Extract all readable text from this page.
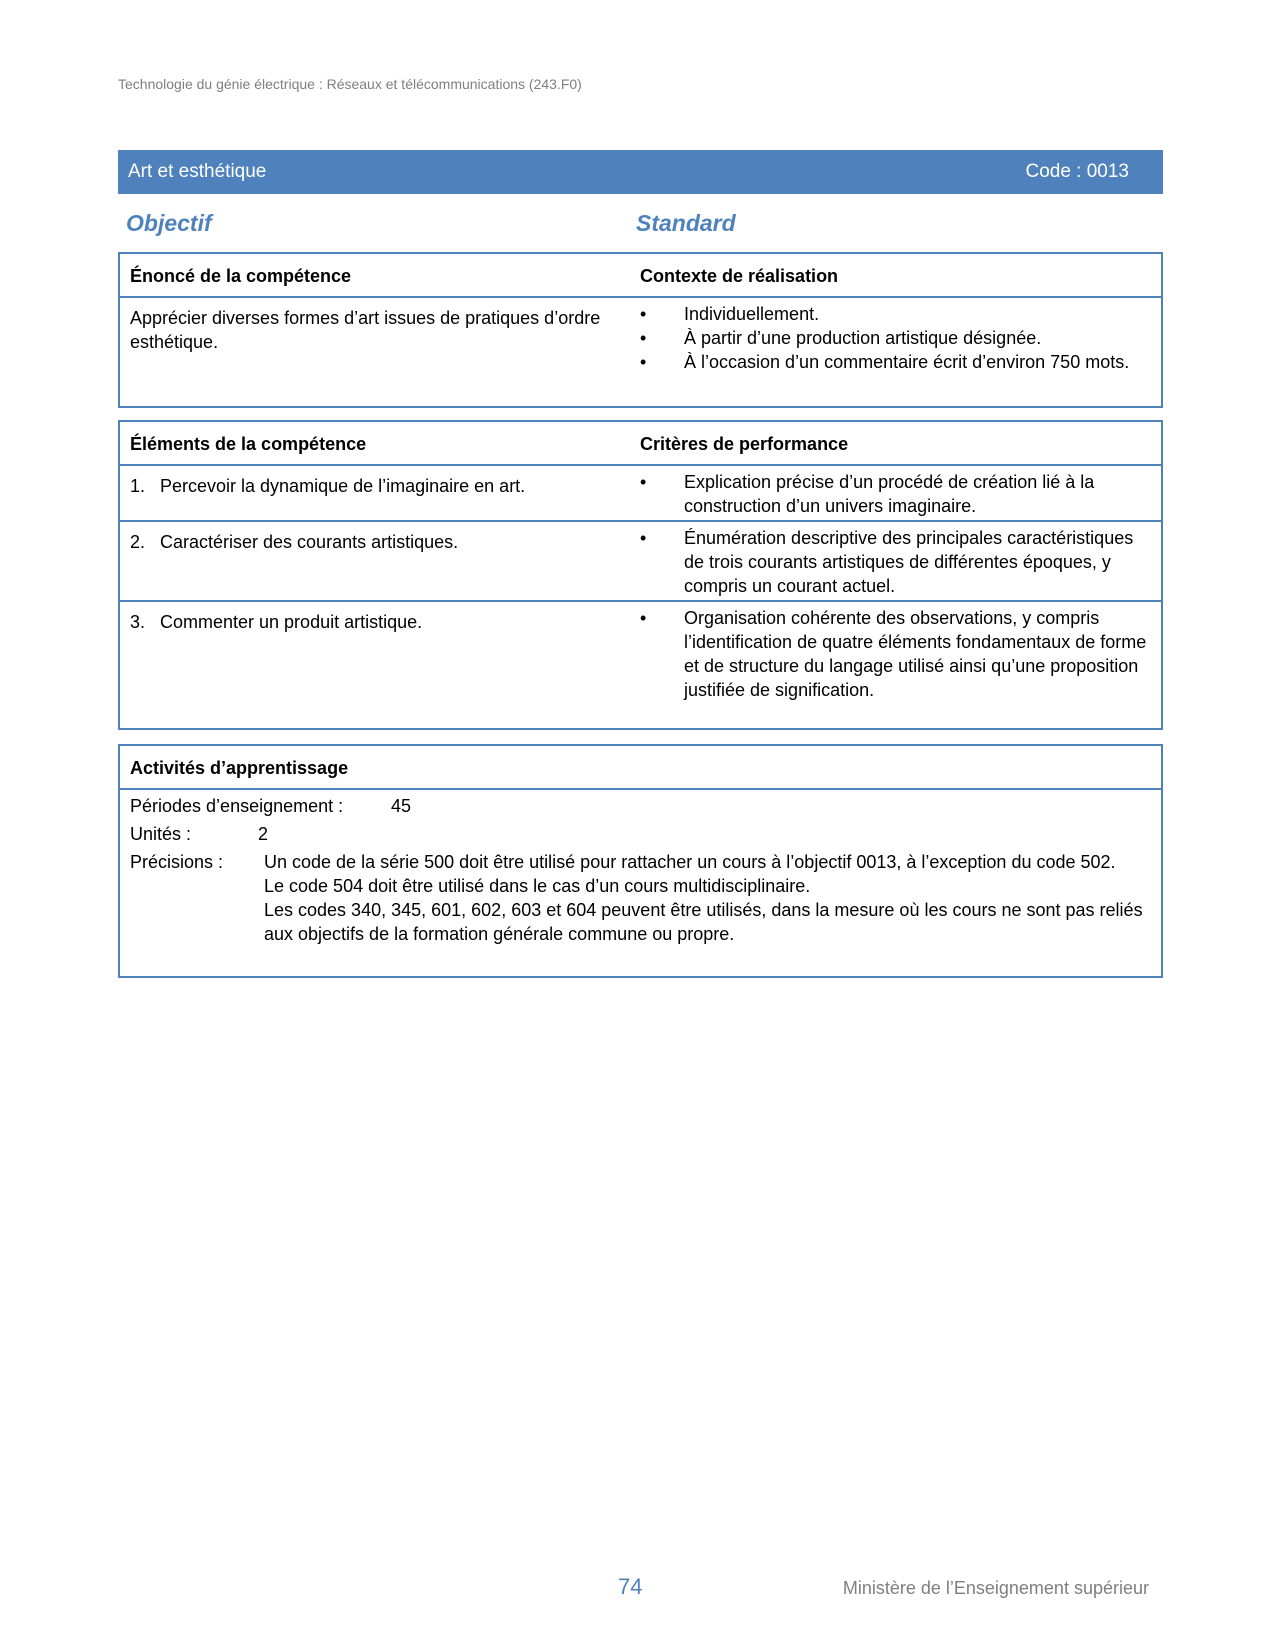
Technologie du génie électrique : Réseaux et télécommunications (243.F0)
Art et esthétique	Code : 0013
Objectif	Standard
Énoncé de la compétence	Contexte de réalisation
Apprécier diverses formes d’art issues de pratiques d’ordre esthétique.
•	Individuellement.
•	À partir d’une production artistique désignée.
•	À l’occasion d’un commentaire écrit d’environ 750 mots.
Éléments de la compétence	Critères de performance
1. Percevoir la dynamique de l’imaginaire en art.	•	Explication précise d’un procédé de création lié à la construction d’un univers imaginaire.
2. Caractériser des courants artistiques.	•	Énumération descriptive des principales caractéristiques de trois courants artistiques de différentes époques, y compris un courant actuel.
3. Commenter un produit artistique.	•	Organisation cohérente des observations, y compris l’identification de quatre éléments fondamentaux de forme et de structure du langage utilisé ainsi qu’une proposition justifiée de signification.
Activités d’apprentissage
Périodes d’enseignement :	45
Unités :	2
Précisions : Un code de la série 500 doit être utilisé pour rattacher un cours à l’objectif 0013, à l’exception du code 502.
Le code 504 doit être utilisé dans le cas d’un cours multidisciplinaire.
Les codes 340, 345, 601, 602, 603 et 604 peuvent être utilisés, dans la mesure où les cours ne sont pas reliés aux objectifs de la formation générale commune ou propre.
74	Ministère de l’Enseignement supérieur
